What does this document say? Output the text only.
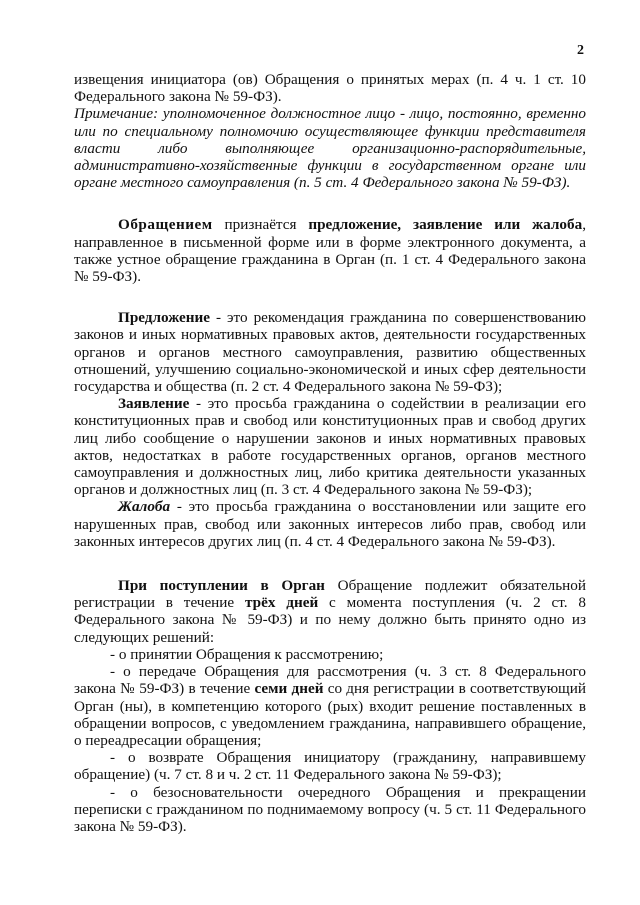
2

извещения инициатора (ов) Обращения о принятых мерах (п. 4 ч. 1 ст. 10 Федерального закона № 59-ФЗ).

Примечание: уполномоченное должностное лицо - лицо, постоянно, временно или по специальному полномочию осуществляющее функции представителя власти либо выполняющее организационно-распорядительные, административно-хозяйственные функции в государственном органе или органе местного самоуправления (п. 5 ст. 4 Федерального закона № 59-ФЗ).

Обращением признаётся предложение, заявление или жалоба, направленное в письменной форме или в форме электронного документа, а также устное обращение гражданина в Орган (п. 1 ст. 4 Федерального закона № 59-ФЗ).

Предложение - это рекомендация гражданина по совершенствованию законов и иных нормативных правовых актов, деятельности государственных органов и органов местного самоуправления, развитию общественных отношений, улучшению социально-экономической и иных сфер деятельности государства и общества (п. 2 ст. 4 Федерального закона № 59-ФЗ);

Заявление - это просьба гражданина о содействии в реализации его конституционных прав и свобод или конституционных прав и свобод других лиц либо сообщение о нарушении законов и иных нормативных правовых актов, недостатках в работе государственных органов, органов местного самоуправления и должностных лиц, либо критика деятельности указанных органов и должностных лиц (п. 3 ст. 4 Федерального закона № 59-ФЗ);

Жалоба - это просьба гражданина о восстановлении или защите его нарушенных прав, свобод или законных интересов либо прав, свобод или законных интересов других лиц (п. 4 ст. 4 Федерального закона № 59-ФЗ).

При поступлении в Орган Обращение подлежит обязательной регистрации в течение трёх дней с момента поступления (ч. 2 ст. 8 Федерального закона № 59-ФЗ) и по нему должно быть принято одно из следующих решений:

- о принятии Обращения к рассмотрению;

- о передаче Обращения для рассмотрения (ч. 3 ст. 8 Федерального закона № 59-ФЗ) в течение семи дней со дня регистрации в соответствующий Орган (ны), в компетенцию которого (рых) входит решение поставленных в обращении вопросов, с уведомлением гражданина, направившего обращение, о переадресации обращения;

- о возврате Обращения инициатору (гражданину, направившему обращение) (ч. 7 ст. 8 и ч. 2 ст. 11 Федерального закона № 59-ФЗ);

- о безосновательности очередного Обращения и прекращении переписки с гражданином по поднимаемому вопросу (ч. 5 ст. 11 Федерального закона № 59-ФЗ).
